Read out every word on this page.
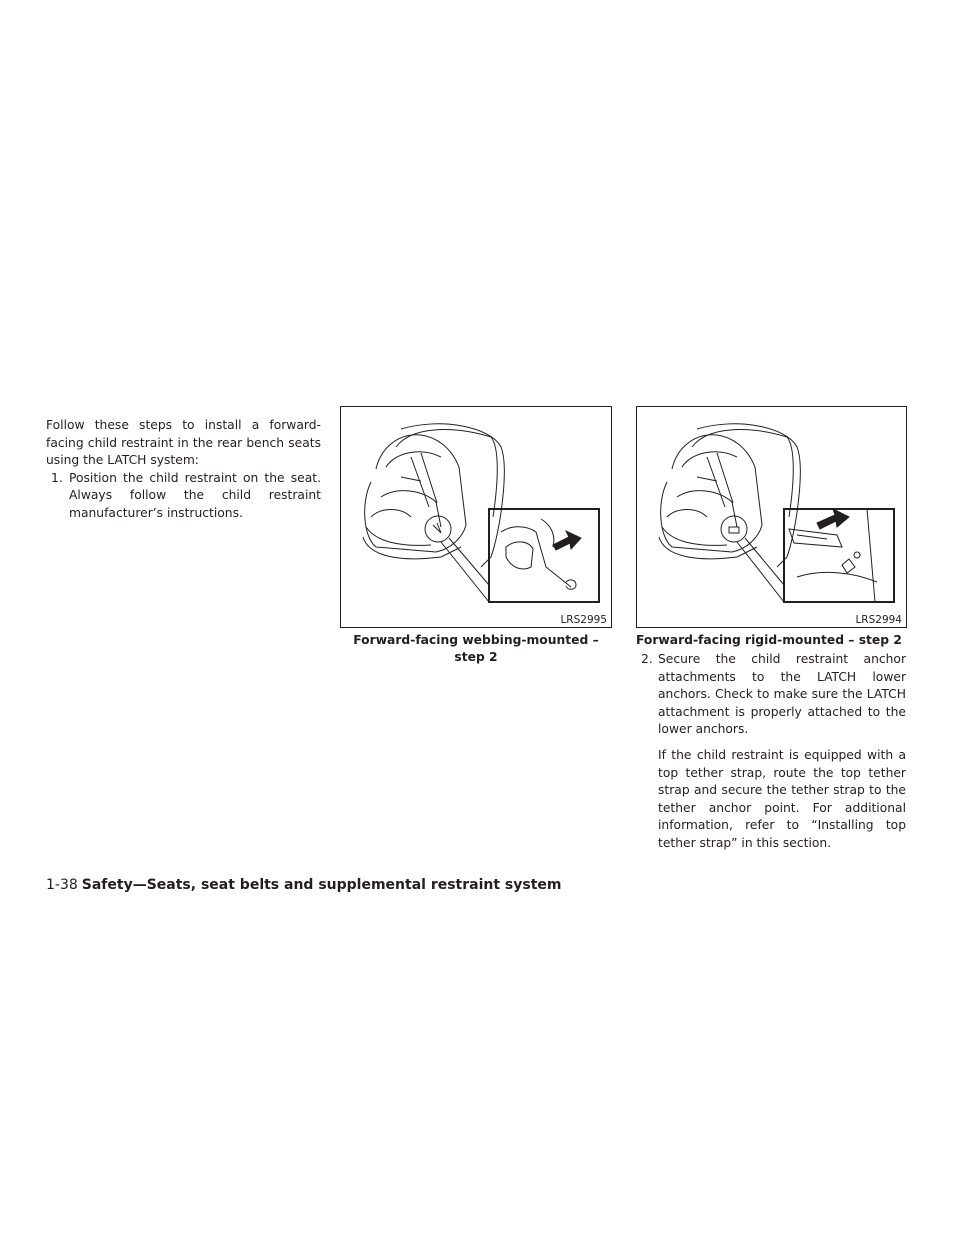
Follow these steps to install a forward-facing child restraint in the rear bench seats using the LATCH system:

1. Position the child restraint on the seat. Always follow the child restraint manufacturer’s instructions.
LRS2995
Forward-facing webbing-mounted – step 2
LRS2994
Forward-facing rigid-mounted – step 2
2. Secure the child restraint anchor attachments to the LATCH lower anchors. Check to make sure the LATCH attachment is properly attached to the lower anchors.

If the child restraint is equipped with a top tether strap, route the top tether strap and secure the tether strap to the tether anchor point. For additional information, refer to “Installing top tether strap” in this section.

1-38 Safety—Seats, seat belts and supplemental restraint system
